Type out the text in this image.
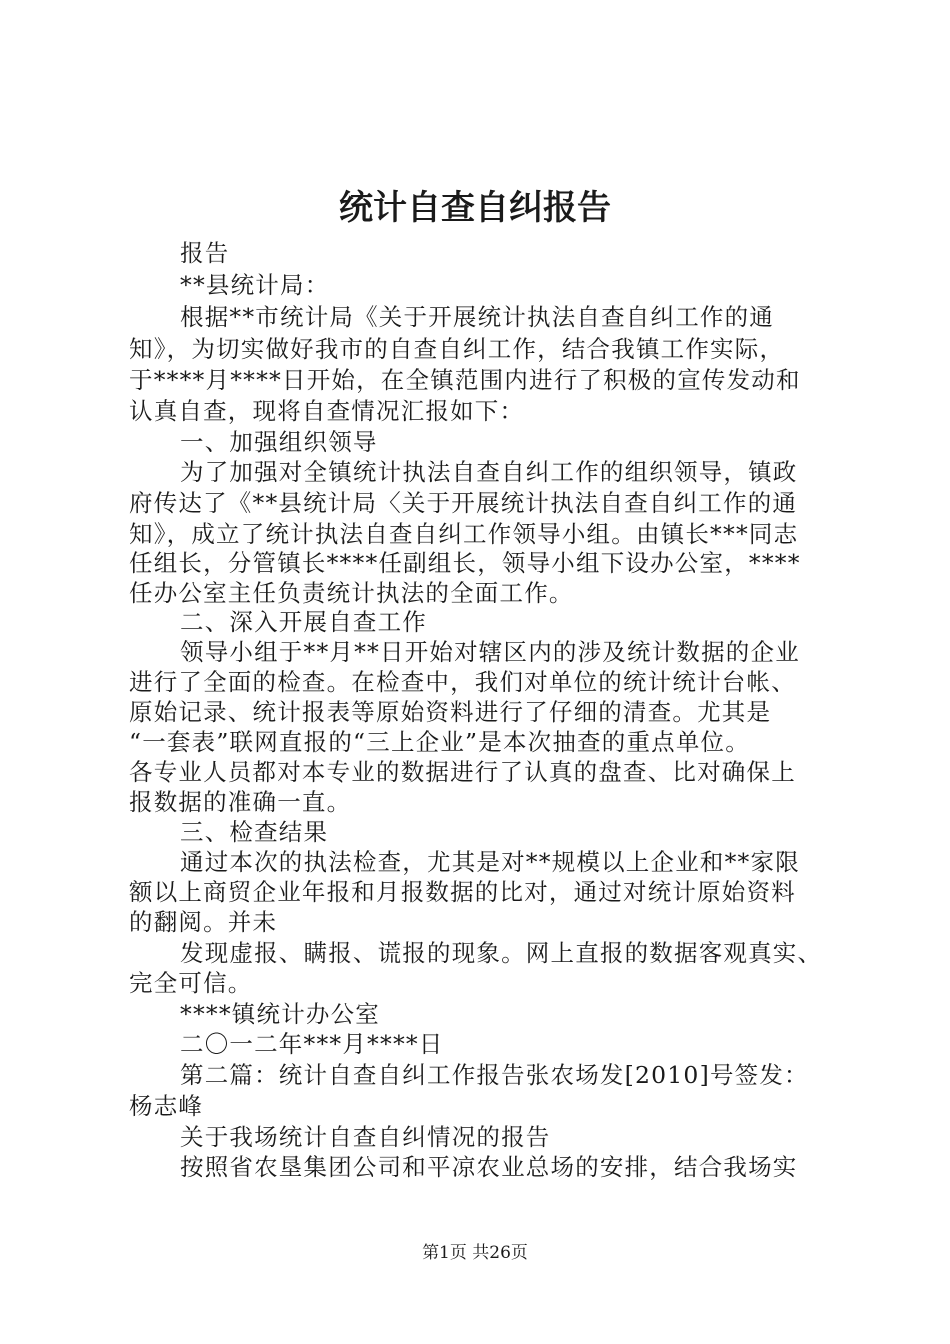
统计自查自纠报告
报告
**县统计局：
根据**市统计局《关于开展统计执法自查自纠工作的通
知》，为切实做好我市的自查自纠工作，结合我镇工作实际，
于****月****日开始，在全镇范围内进行了积极的宣传发动和
认真自查，现将自查情况汇报如下：
一、加强组织领导
为了加强对全镇统计执法自查自纠工作的组织领导，镇政
府传达了《**县统计局〈关于开展统计执法自查自纠工作的通
知》，成立了统计执法自查自纠工作领导小组。由镇长***同志
任组长，分管镇长****任副组长，领导小组下设办公室，****
任办公室主任负责统计执法的全面工作。
二、深入开展自查工作
领导小组于**月**日开始对辖区内的涉及统计数据的企业
进行了全面的检查。在检查中，我们对单位的统计统计台帐、
原始记录、统计报表等原始资料进行了仔细的清查。尤其是
“一套表”联网直报的“三上企业”是本次抽查的重点单位。
各专业人员都对本专业的数据进行了认真的盘查、比对确保上
报数据的准确一直。
三、检查结果
通过本次的执法检查，尤其是对**规模以上企业和**家限
额以上商贸企业年报和月报数据的比对，通过对统计原始资料
的翻阅。并未
发现虚报、瞒报、谎报的现象。网上直报的数据客观真实、
完全可信。
****镇统计办公室
二〇一二年***月****日
第二篇：统计自查自纠工作报告张农场发[2010]号签发：
杨志峰
关于我场统计自查自纠情况的报告
按照省农垦集团公司和平凉农业总场的安排，结合我场实
第1页 共26页
